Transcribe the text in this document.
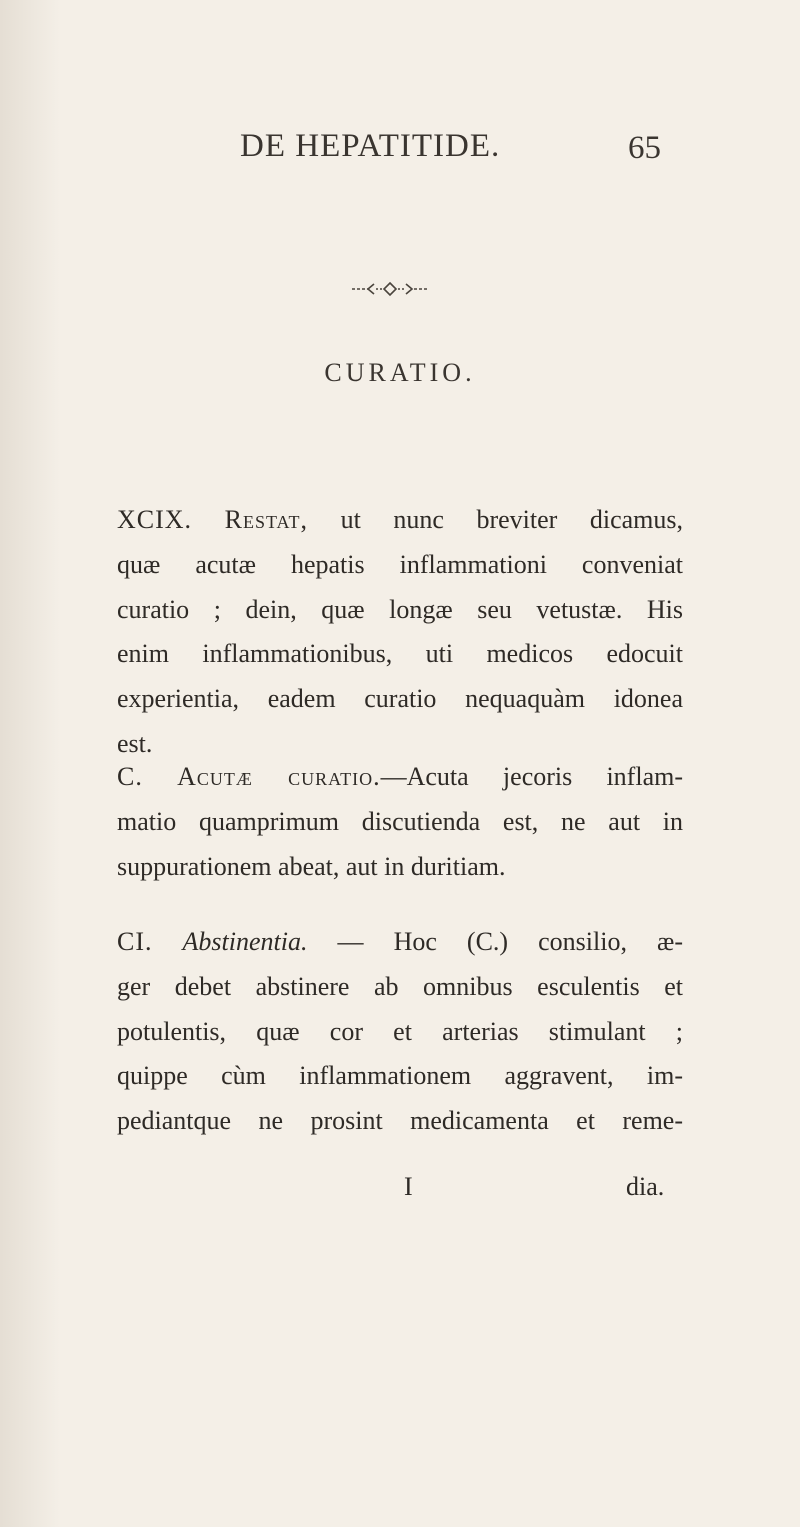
DE HEPATITIDE.	65
CURATIO.
XCIX. Restat, ut nunc breviter dicamus,
quæ acutæ hepatis inflammationi conveniat
curatio ; dein, quæ longæ seu vetustæ. His
enim inflammationibus, uti medicos edocuit
experientia, eadem curatio nequaquàm idonea
est.
C. Acutæ curatio.—Acuta jecoris inflam-
matio quamprimum discutienda est, ne aut in
suppurationem abeat, aut in duritiam.
CI. Abstinentia. — Hoc (C.) consilio, æ-
ger debet abstinere ab omnibus esculentis et
potulentis, quæ cor et arterias stimulant ;
quippe cùm inflammationem aggravent, im-
pediantque ne prosint medicamenta et reme-
I	dia.
